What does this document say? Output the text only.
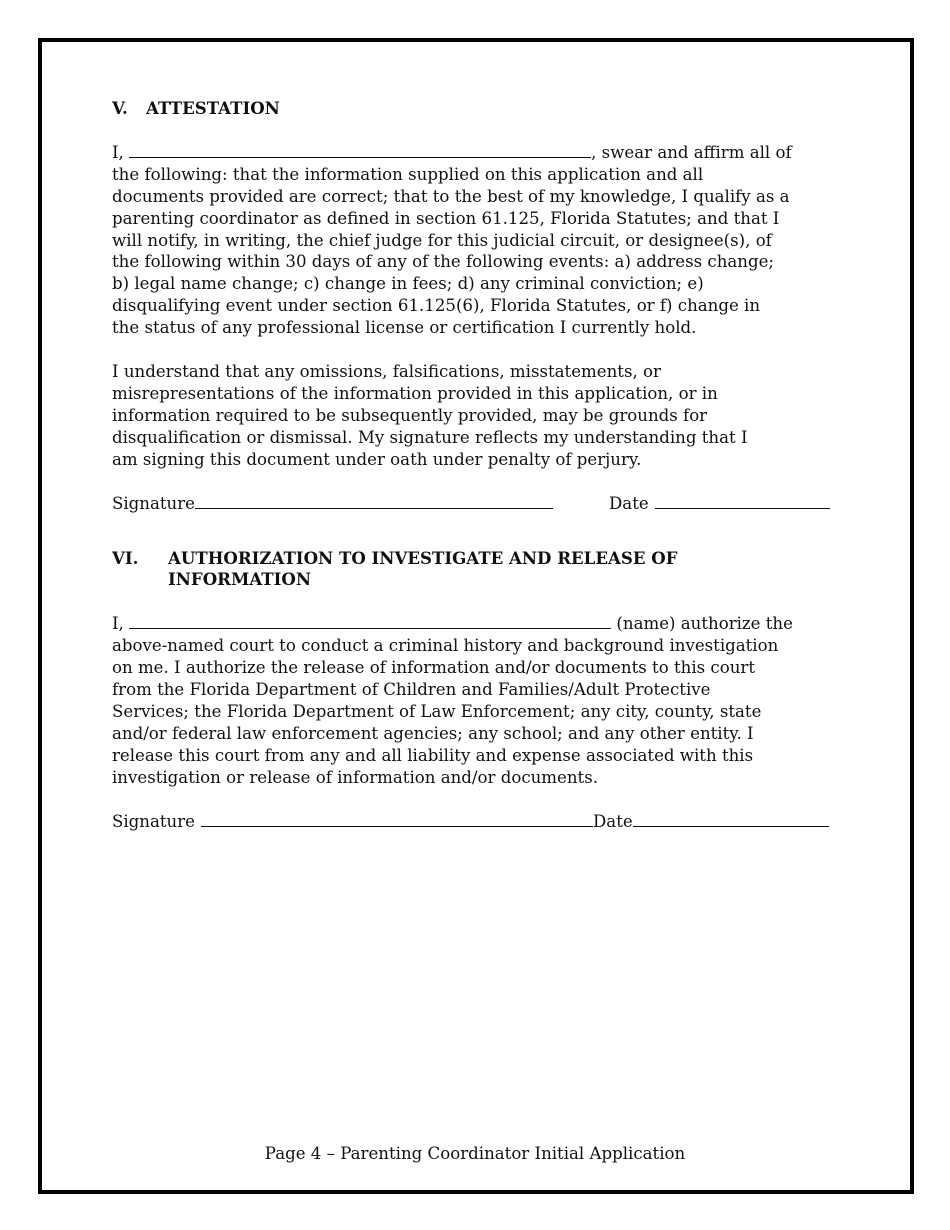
V.	ATTESTATION
I,	, swear and affirm all of
the following: that the information supplied on this application and all
documents provided are correct; that to the best of my knowledge, I qualify as a
parenting coordinator as defined in section 61.125, Florida Statutes; and that I
will notify, in writing, the chief judge for this judicial circuit, or designee(s), of
the following within 30 days of any of the following events: a) address change;
b) legal name change; c) change in fees; d) any criminal conviction; e)
disqualifying event under section 61.125(6), Florida Statutes, or f) change in
the status of any professional license or certification I currently hold.
I understand that any omissions, falsifications, misstatements, or
misrepresentations of the information provided in this application, or in
information required to be subsequently provided, may be grounds for
disqualification or dismissal. My signature reflects my understanding that I
am signing this document under oath under penalty of perjury.
Signature	Date
VI.	AUTHORIZATION TO INVESTIGATE AND RELEASE OF
INFORMATION
I,	(name) authorize the
above-named court to conduct a criminal history and background investigation
on me. I authorize the release of information and/or documents to this court
from the Florida Department of Children and Families/Adult Protective
Services; the Florida Department of Law Enforcement; any city, county, state
and/or federal law enforcement agencies; any school; and any other entity. I
release this court from any and all liability and expense associated with this
investigation or release of information and/or documents.
Signature	Date
Page 4 – Parenting Coordinator Initial Application
